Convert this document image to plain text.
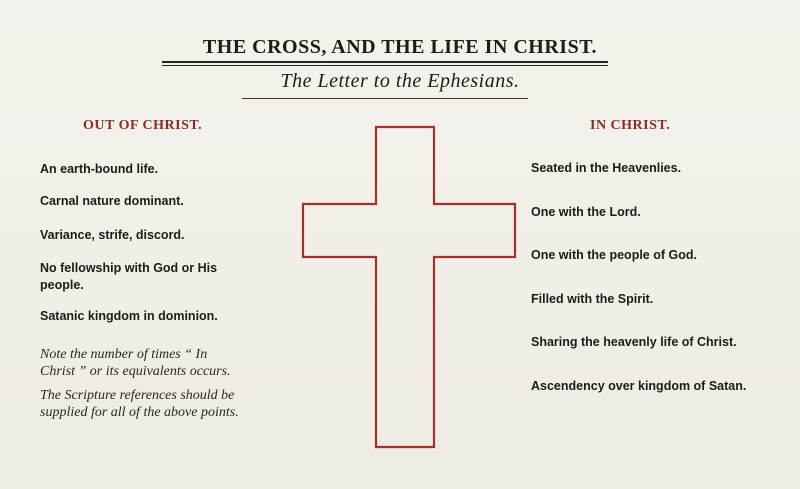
THE CROSS, AND THE LIFE IN CHRIST.
The Letter to the Ephesians.
OUT OF CHRIST.	IN CHRIST.
An earth-bound life.
Carnal nature dominant.
Variance, strife, discord.
No fellowship with God or His
people.
Satanic kingdom in dominion.
Note the number of times “ In
Christ ” or its equivalents occurs.
The Scripture references should be
supplied for all of the above points.
Seated in the Heavenlies.
One with the Lord.
One with the people of God.
Filled with the Spirit.
Sharing the heavenly life of Christ.
Ascendency over kingdom of Satan.
